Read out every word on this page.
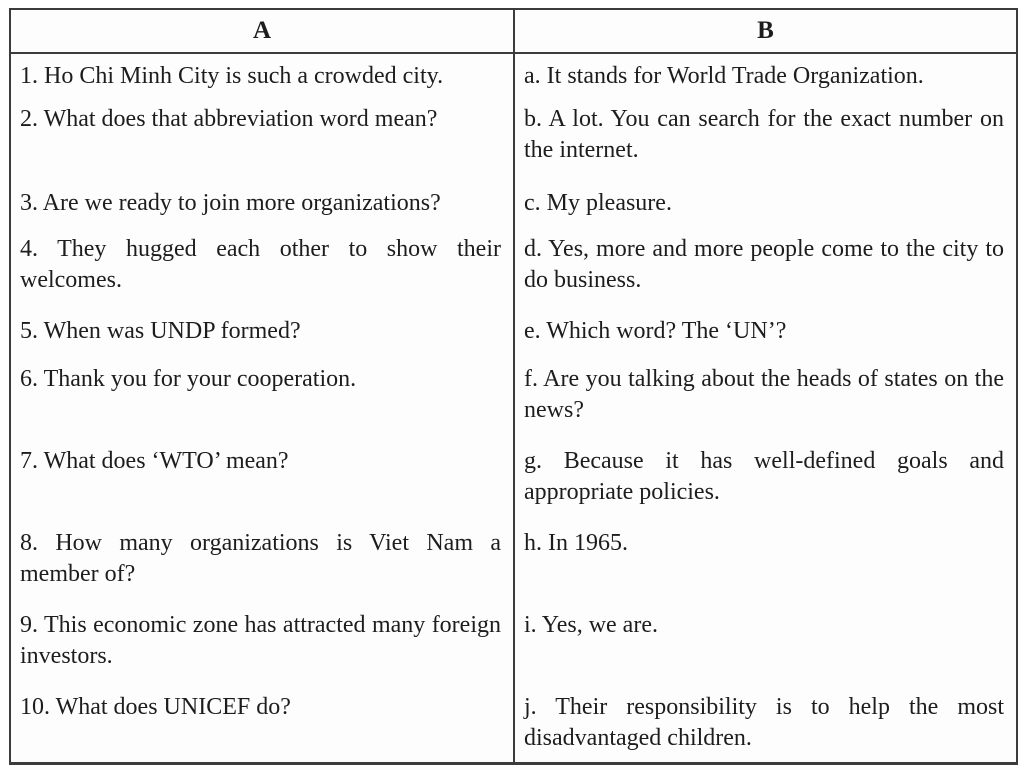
A	B
1. Ho Chi Minh City is such a crowded city.	a. It stands for World Trade Organization.
2. What does that abbreviation word mean?	b. A lot. You can search for the exact number on the internet.
3. Are we ready to join more organizations?	c. My pleasure.
4. They hugged each other to show their welcomes.	d. Yes, more and more people come to the city to do business.
5. When was UNDP formed?	e. Which word? The ‘UN’?
6. Thank you for your cooperation.	f. Are you talking about the heads of states on the news?
7. What does ‘WTO’ mean?	g. Because it has well-defined goals and appropriate policies.
8. How many organizations is Viet Nam a member of?	h. In 1965.
9. This economic zone has attracted many foreign investors.	i. Yes, we are.
10. What does UNICEF do?	j. Their responsibility is to help the most disadvantaged children.
